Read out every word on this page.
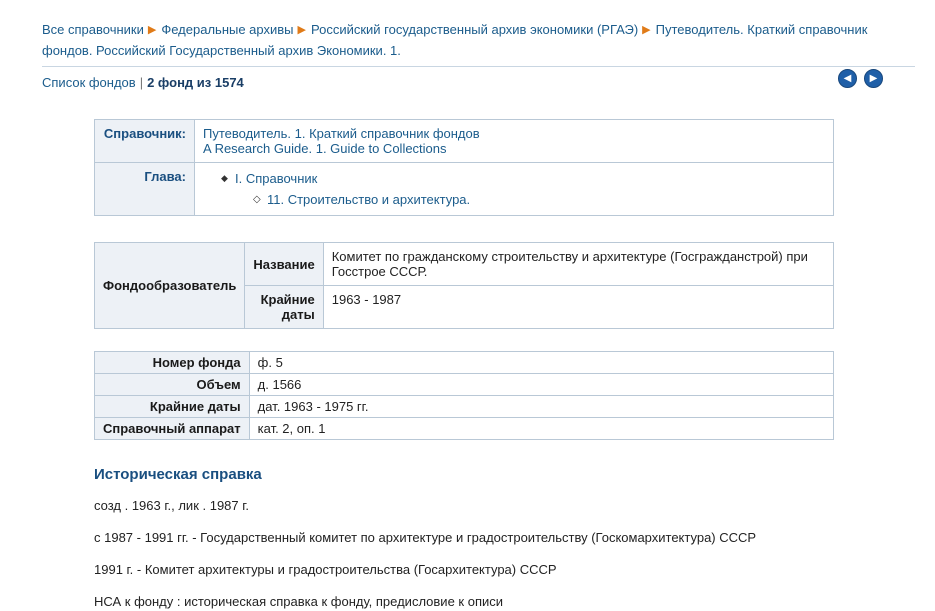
Все справочники ▶ Федеральные архивы ▶ Российский государственный архив экономики (РГАЭ) ▶ Путеводитель. Краткий справочник фондов. Российский Государственный архив Экономики. 1.
Список фондов | 2 фонд из 1574	◀	▶
Справочник:	Путеводитель. 1. Краткий справочник фондов
A Research Guide. 1. Guide to Collections

Глава:	
◆I. Справочник
◇ 11. Строительство и архитектура.
Фондообразователь	Название	Комитет по гражданскому строительству и архитектуре (Госгражданстрой) при Госстрое СССР.
	Крайние даты	1963 - 1987
Номер фонда	ф. 5
Объем	д. 1566
Крайние даты	дат. 1963 - 1975 гг.
Справочный аппарат	кат. 2, оп. 1
Историческая справка

созд . 1963 г., лик . 1987 г.

с 1987 - 1991 гг. - Государственный комитет по архитектуре и градостроительству (Госкомархитектура) СССР

1991 г. - Комитет архитектуры и градостроительства (Госархитектура) СССР

НСА к фонду : историческая справка к фонду, предисловие к описи
